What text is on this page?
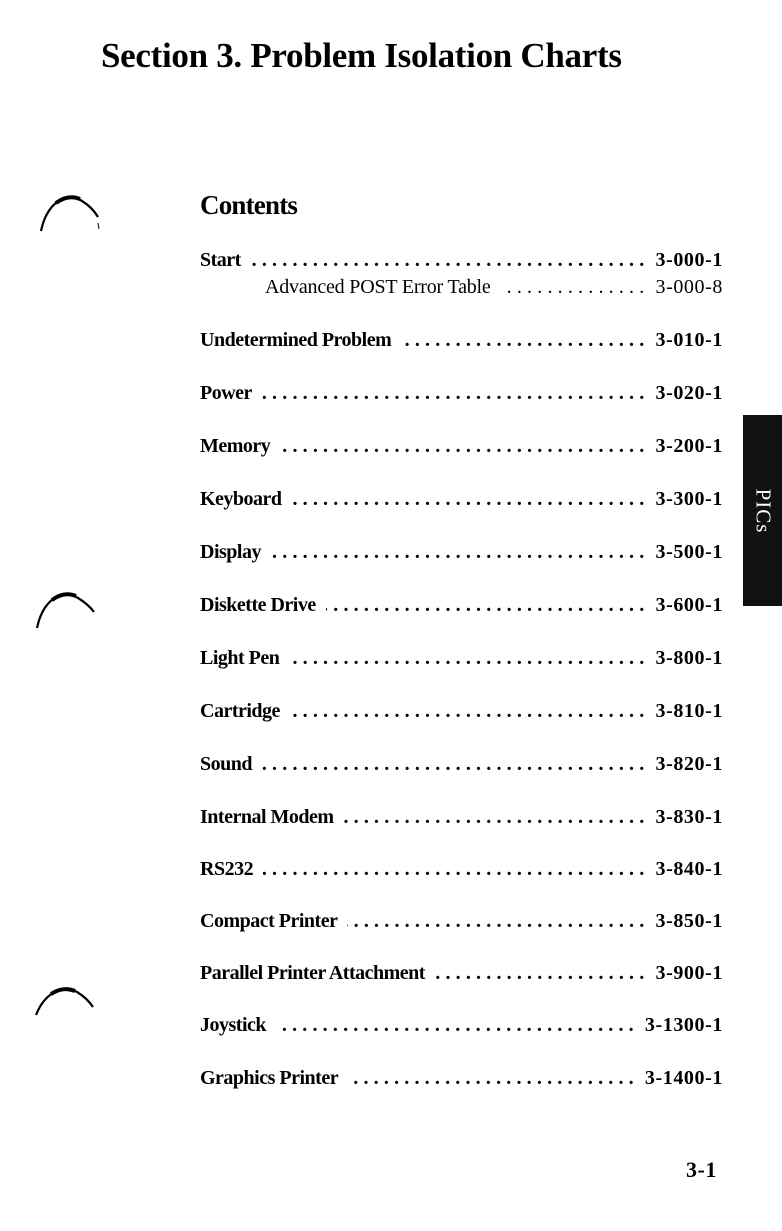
Section 3. Problem Isolation Charts
Contents
Start .....	3-000-1
Advanced POST Error Table .....	3-000-8
Undetermined Problem .....	3-010-1
Power .....	3-020-1
Memory .....	3-200-1
Keyboard .....	3-300-1
Display .....	3-500-1
Diskette Drive .....	3-600-1
Light Pen .....	3-800-1
Cartridge .....	3-810-1
Sound .....	3-820-1
Internal Modem .....	3-830-1
RS232 .....	3-840-1
Compact Printer .....	3-850-1
Parallel Printer Attachment .....	3-900-1
Joystick .....	3-1300-1
Graphics Printer .....	3-1400-1
PICs
3-1
